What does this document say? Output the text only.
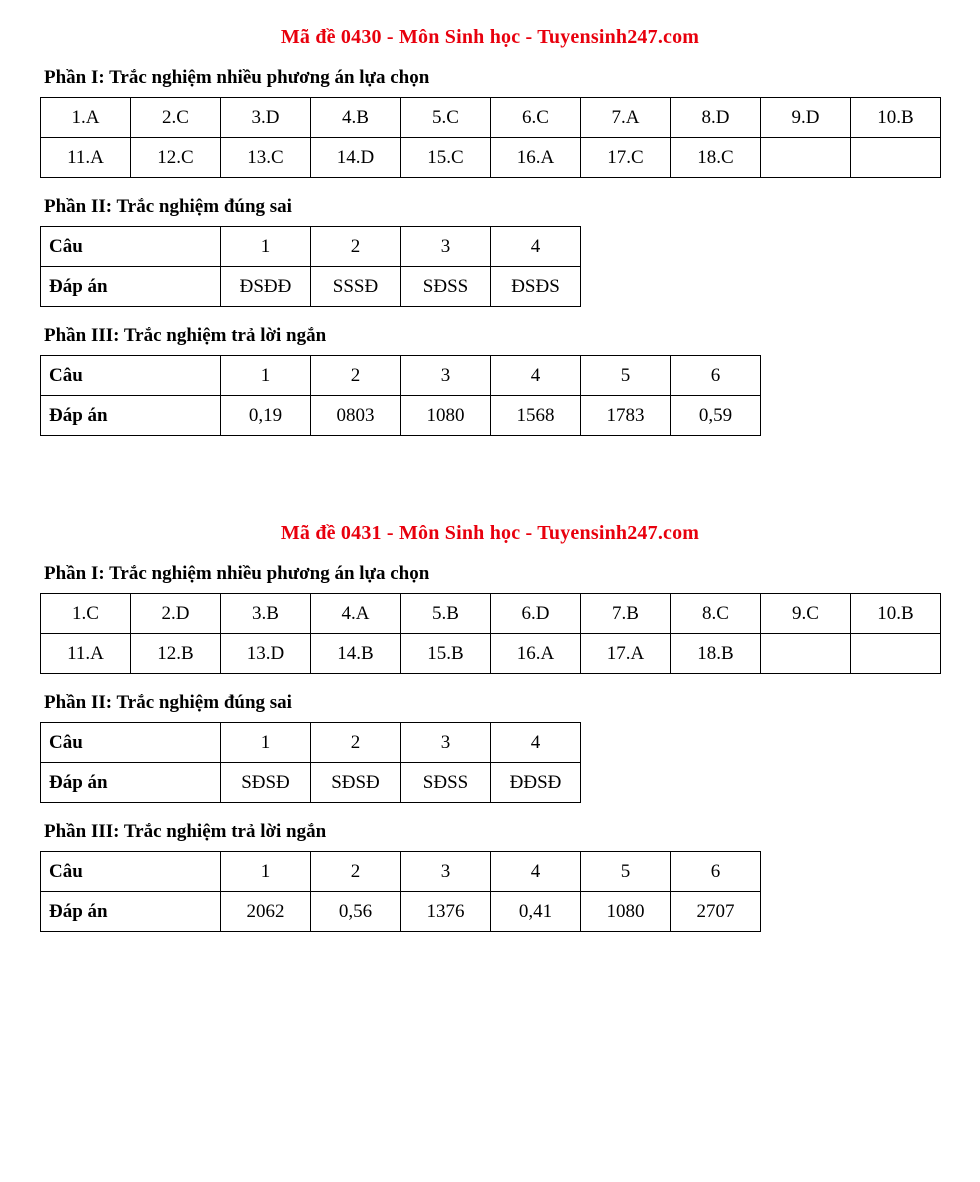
Mã đề 0430 - Môn Sinh học - Tuyensinh247.com
Phần I: Trắc nghiệm nhiều phương án lựa chọn
1.A	2.C	3.D	4.B	5.C	6.C	7.A	8.D	9.D	10.B
11.A	12.C	13.C	14.D	15.C	16.A	17.C	18.C		
Phần II: Trắc nghiệm đúng sai
Câu	1	2	3	4
Đáp án	ĐSĐĐ	SSSĐ	SĐSS	ĐSĐS
Phần III: Trắc nghiệm trả lời ngắn
Câu	1	2	3	4	5	6
Đáp án	0,19	0803	1080	1568	1783	0,59
Mã đề 0431 - Môn Sinh học - Tuyensinh247.com
Phần I: Trắc nghiệm nhiều phương án lựa chọn
1.C	2.D	3.B	4.A	5.B	6.D	7.B	8.C	9.C	10.B
11.A	12.B	13.D	14.B	15.B	16.A	17.A	18.B		
Phần II: Trắc nghiệm đúng sai
Câu	1	2	3	4
Đáp án	SĐSĐ	SĐSĐ	SĐSS	ĐĐSĐ
Phần III: Trắc nghiệm trả lời ngắn
Câu	1	2	3	4	5	6
Đáp án	2062	0,56	1376	0,41	1080	2707
